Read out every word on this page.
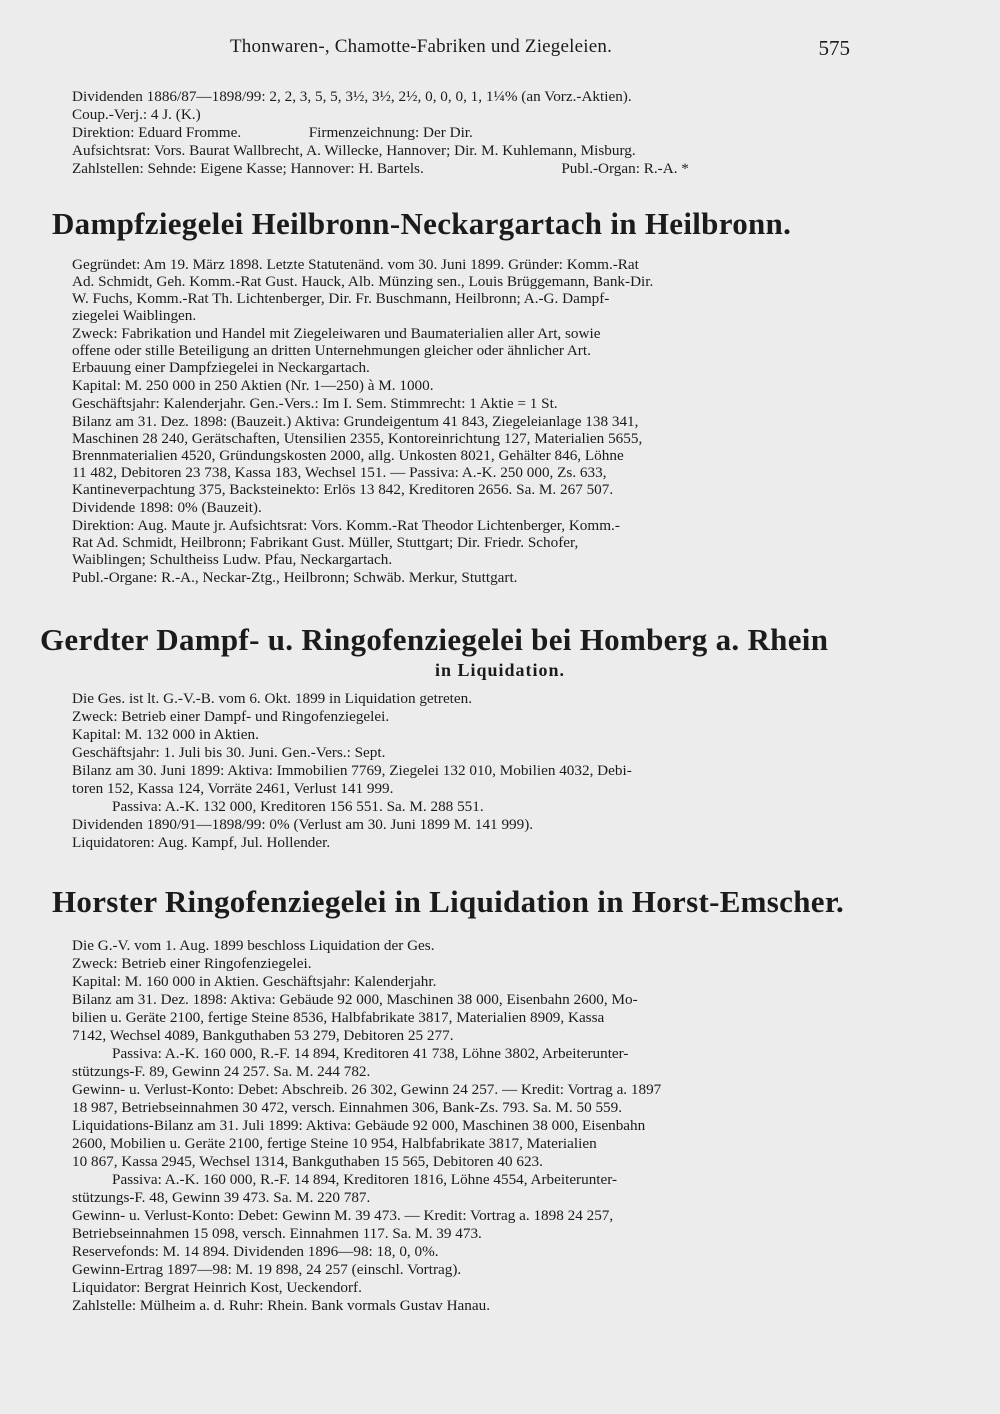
Thonwaren-, Chamotte-Fabriken und Ziegeleien.	575
Dividenden 1886/87—1898/99: 2, 2, 3, 5, 5, 3½, 3½, 2½, 0, 0, 0, 1, 1¼% (an Vorz.-Aktien).
Coup.-Verj.: 4 J. (K.)
Direktion: Eduard Fromme.	Firmenzeichnung: Der Dir.
Aufsichtsrat: Vors. Baurat Wallbrecht, A. Willecke, Hannover; Dir. M. Kuhlemann, Misburg.
Zahlstellen: Sehnde: Eigene Kasse; Hannover: H. Bartels.	Publ.-Organ: R.-A. *
Dampfziegelei Heilbronn-Neckargartach in Heilbronn.
Gegründet: Am 19. März 1898. Letzte Statutenänd. vom 30. Juni 1899. Gründer: Komm.-Rat
Ad. Schmidt, Geh. Komm.-Rat Gust. Hauck, Alb. Münzing sen., Louis Brüggemann, Bank-Dir.
W. Fuchs, Komm.-Rat Th. Lichtenberger, Dir. Fr. Buschmann, Heilbronn; A.-G. Dampf-
ziegelei Waiblingen.
Zweck: Fabrikation und Handel mit Ziegeleiwaren und Baumaterialien aller Art, sowie
offene oder stille Beteiligung an dritten Unternehmungen gleicher oder ähnlicher Art.
Erbauung einer Dampfziegelei in Neckargartach.
Kapital: M. 250 000 in 250 Aktien (Nr. 1—250) à M. 1000.
Geschäftsjahr: Kalenderjahr. Gen.-Vers.: Im I. Sem. Stimmrecht: 1 Aktie = 1 St.
Bilanz am 31. Dez. 1898: (Bauzeit.) Aktiva: Grundeigentum 41 843, Ziegeleianlage 138 341,
Maschinen 28 240, Gerätschaften, Utensilien 2355, Kontoreinrichtung 127, Materialien 5655,
Brennmaterialien 4520, Gründungskosten 2000, allg. Unkosten 8021, Gehälter 846, Löhne
11 482, Debitoren 23 738, Kassa 183, Wechsel 151. — Passiva: A.-K. 250 000, Zs. 633,
Kantineverpachtung 375, Backsteinekto: Erlös 13 842, Kreditoren 2656. Sa. M. 267 507.
Dividende 1898: 0% (Bauzeit).
Direktion: Aug. Maute jr. Aufsichtsrat: Vors. Komm.-Rat Theodor Lichtenberger, Komm.-
Rat Ad. Schmidt, Heilbronn; Fabrikant Gust. Müller, Stuttgart; Dir. Friedr. Schofer,
Waiblingen; Schultheiss Ludw. Pfau, Neckargartach.
Publ.-Organe: R.-A., Neckar-Ztg., Heilbronn; Schwäb. Merkur, Stuttgart.
Gerdter Dampf- u. Ringofenziegelei bei Homberg a. Rhein
in Liquidation.
Die Ges. ist lt. G.-V.-B. vom 6. Okt. 1899 in Liquidation getreten.
Zweck: Betrieb einer Dampf- und Ringofenziegelei.
Kapital: M. 132 000 in Aktien.
Geschäftsjahr: 1. Juli bis 30. Juni. Gen.-Vers.: Sept.
Bilanz am 30. Juni 1899: Aktiva: Immobilien 7769, Ziegelei 132 010, Mobilien 4032, Debi-
toren 152, Kassa 124, Vorräte 2461, Verlust 141 999.
Passiva: A.-K. 132 000, Kreditoren 156 551. Sa. M. 288 551.
Dividenden 1890/91—1898/99: 0% (Verlust am 30. Juni 1899 M. 141 999).
Liquidatoren: Aug. Kampf, Jul. Hollender.
Horster Ringofenziegelei in Liquidation in Horst-Emscher.
Die G.-V. vom 1. Aug. 1899 beschloss Liquidation der Ges.
Zweck: Betrieb einer Ringofenziegelei.
Kapital: M. 160 000 in Aktien. Geschäftsjahr: Kalenderjahr.
Bilanz am 31. Dez. 1898: Aktiva: Gebäude 92 000, Maschinen 38 000, Eisenbahn 2600, Mo-
bilien u. Geräte 2100, fertige Steine 8536, Halbfabrikate 3817, Materialien 8909, Kassa
7142, Wechsel 4089, Bankguthaben 53 279, Debitoren 25 277.
Passiva: A.-K. 160 000, R.-F. 14 894, Kreditoren 41 738, Löhne 3802, Arbeiterunter-
stützungs-F. 89, Gewinn 24 257. Sa. M. 244 782.
Gewinn- u. Verlust-Konto: Debet: Abschreib. 26 302, Gewinn 24 257. — Kredit: Vortrag a. 1897
18 987, Betriebseinnahmen 30 472, versch. Einnahmen 306, Bank-Zs. 793. Sa. M. 50 559.
Liquidations-Bilanz am 31. Juli 1899: Aktiva: Gebäude 92 000, Maschinen 38 000, Eisenbahn
2600, Mobilien u. Geräte 2100, fertige Steine 10 954, Halbfabrikate 3817, Materialien
10 867, Kassa 2945, Wechsel 1314, Bankguthaben 15 565, Debitoren 40 623.
Passiva: A.-K. 160 000, R.-F. 14 894, Kreditoren 1816, Löhne 4554, Arbeiterunter-
stützungs-F. 48, Gewinn 39 473. Sa. M. 220 787.
Gewinn- u. Verlust-Konto: Debet: Gewinn M. 39 473. — Kredit: Vortrag a. 1898 24 257,
Betriebseinnahmen 15 098, versch. Einnahmen 117. Sa. M. 39 473.
Reservefonds: M. 14 894. Dividenden 1896—98: 18, 0, 0%.
Gewinn-Ertrag 1897—98: M. 19 898, 24 257 (einschl. Vortrag).
Liquidator: Bergrat Heinrich Kost, Ueckendorf.
Zahlstelle: Mülheim a. d. Ruhr: Rhein. Bank vormals Gustav Hanau.
